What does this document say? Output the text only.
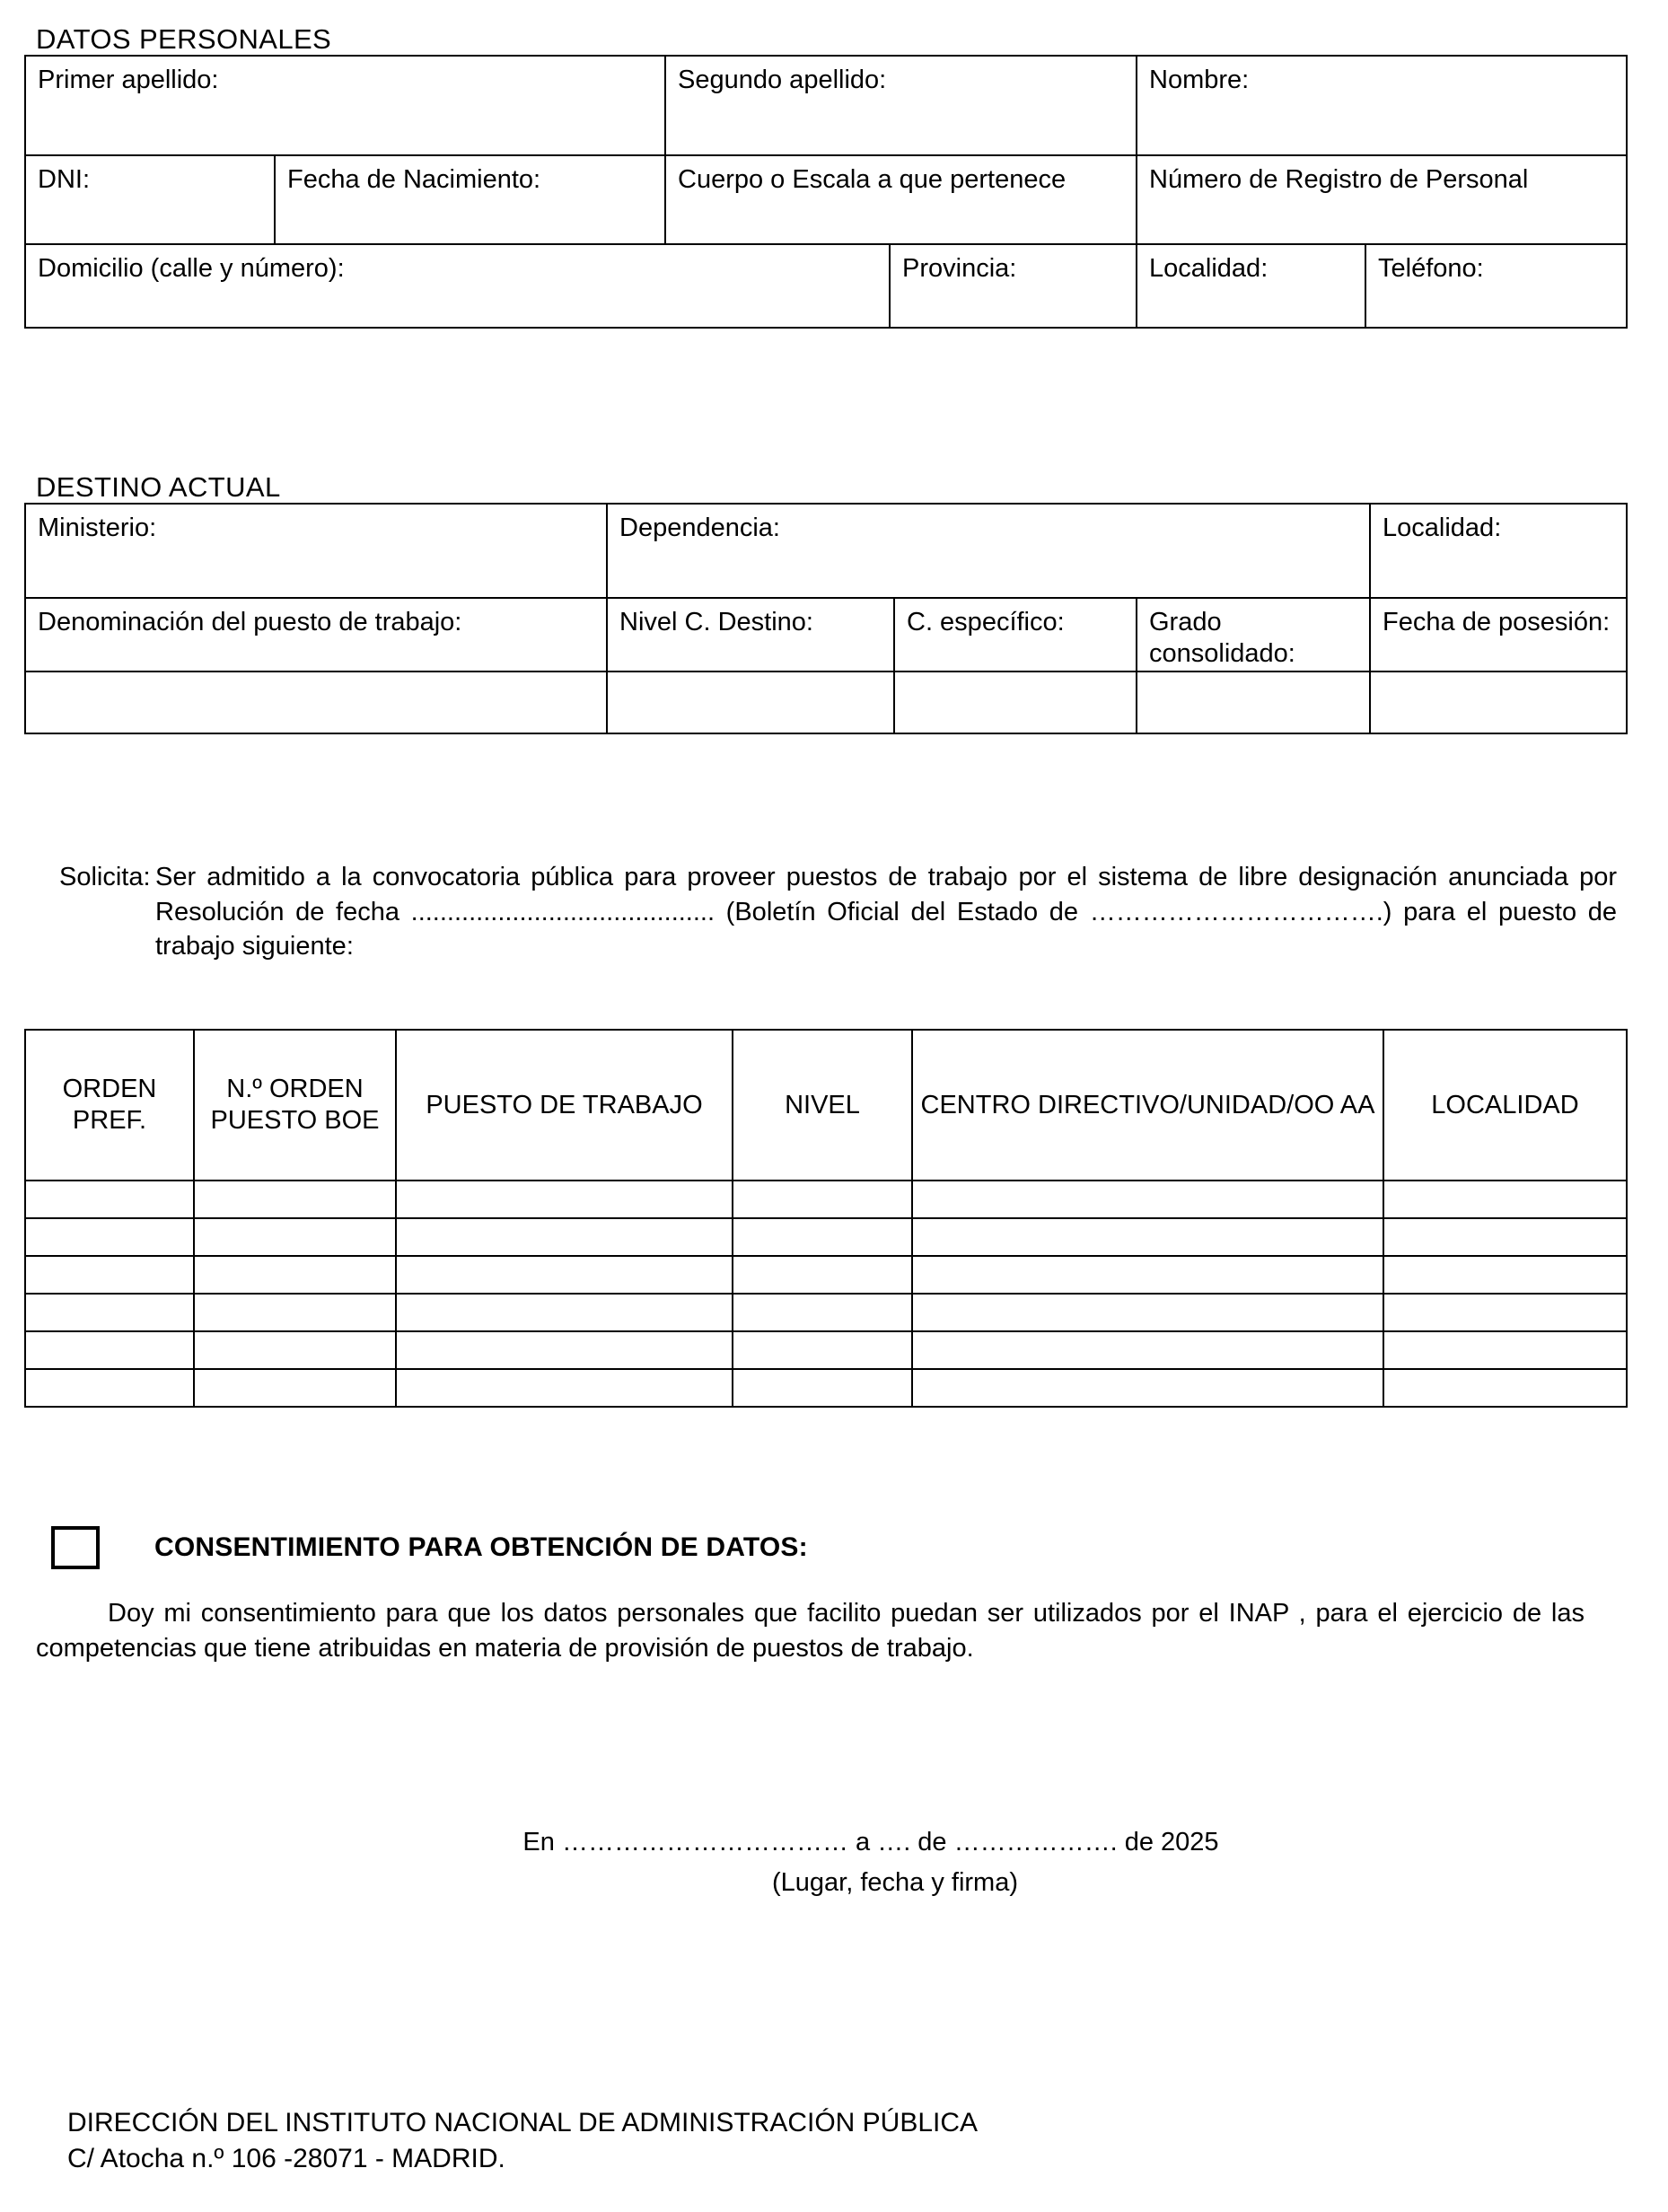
DATOS PERSONALES
Primer apellido:		Segundo apellido:		Nombre:	
DNI:	Fecha de Nacimiento:	Cuerpo o Escala a que pertenece		Número de Registro de Personal	
Domicilio (calle y número):			Provincia:	Localidad:	Teléfono:
DESTINO ACTUAL
Ministerio:	Dependencia:			Localidad:
Denominación del puesto de trabajo:	Nivel C. Destino:	C. específico:	Grado consolidado:	Fecha de posesión:

Solicita: Ser admitido a la convocatoria pública para proveer puestos de trabajo por el sistema de libre designación anunciada por Resolución de fecha .......................................... (Boletín Oficial del Estado de …………………………….) para el puesto de trabajo siguiente:
ORDEN PREF.	N.º ORDEN PUESTO BOE	PUESTO DE TRABAJO	NIVEL	CENTRO DIRECTIVO/UNIDAD/OO AA	LOCALIDAD

CONSENTIMIENTO PARA OBTENCIÓN DE DATOS:
Doy mi consentimiento para que los datos personales que facilito puedan ser utilizados por el INAP , para el ejercicio de las competencias que tiene atribuidas en materia de provisión de puestos de trabajo.
En …………………………… a …. de ………………. de 2025
(Lugar, fecha y firma)
DIRECCIÓN DEL INSTITUTO NACIONAL DE ADMINISTRACIÓN PÚBLICA
C/ Atocha n.º 106 -28071 - MADRID.
